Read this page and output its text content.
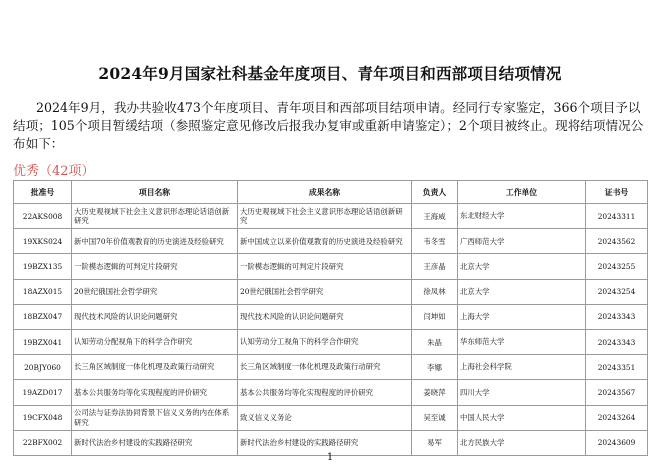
2024年9月国家社科基金年度项目、青年项目和西部项目结项情况
2024年9月，我办共验收473个年度项目、青年项目和西部项目结项申请。经同行专家鉴定，366个项目予以结项；105个项目暂缓结项（参照鉴定意见修改后报我办复审或重新申请鉴定）；2个项目被终止。现将结项情况公布如下：
优秀（42项）
批准号	项目名称	成果名称	负责人	工作单位	证书号
22AKS008	大历史观视域下社会主义意识形态理论话语创新研究	大历史观视域下社会主义意识形态理论话语创新研究	王海威	东北财经大学	20243311
19XKS024	新中国70年价值观教育的历史演进及经验研究	新中国成立以来价值观教育的历史演进及经验研究	韦冬雪	广西师范大学	20243562
19BZX135	一阶模态逻辑的可判定片段研究	一阶模态逻辑的可判定片段研究	王彦晶	北京大学	20243255
18AZX015	20世纪俄国社会哲学研究	20世纪俄国社会哲学研究	徐凤林	北京大学	20243254
18BZX047	现代技术风险的认识论问题研究	现代技术风险的认识论问题研究	闫坤如	上海大学	20243343
19BZX041	认知劳动分配视角下的科学合作研究	认知劳动分工视角下的科学合作研究	朱晶	华东师范大学	20243343
20BJY060	长三角区域制度一体化机理及政策行动研究	长三角区域制度一体化机理及政策行动研究	李娜	上海社会科学院	20243351
19AZD017	基本公共服务均等化实现程度的评价研究	基本公共服务均等化实现程度的评价研究	姜晓萍	四川大学	20243567
19CFX048	公司法与证券法协同背景下信义义务的内在体系研究	致义信义义务论	吴至诚	中国人民大学	20243264
22BFX002	新时代法治乡村建设的实践路径研究	新时代法治乡村建设的实践路径研究	易军	北方民族大学	20243609
1
